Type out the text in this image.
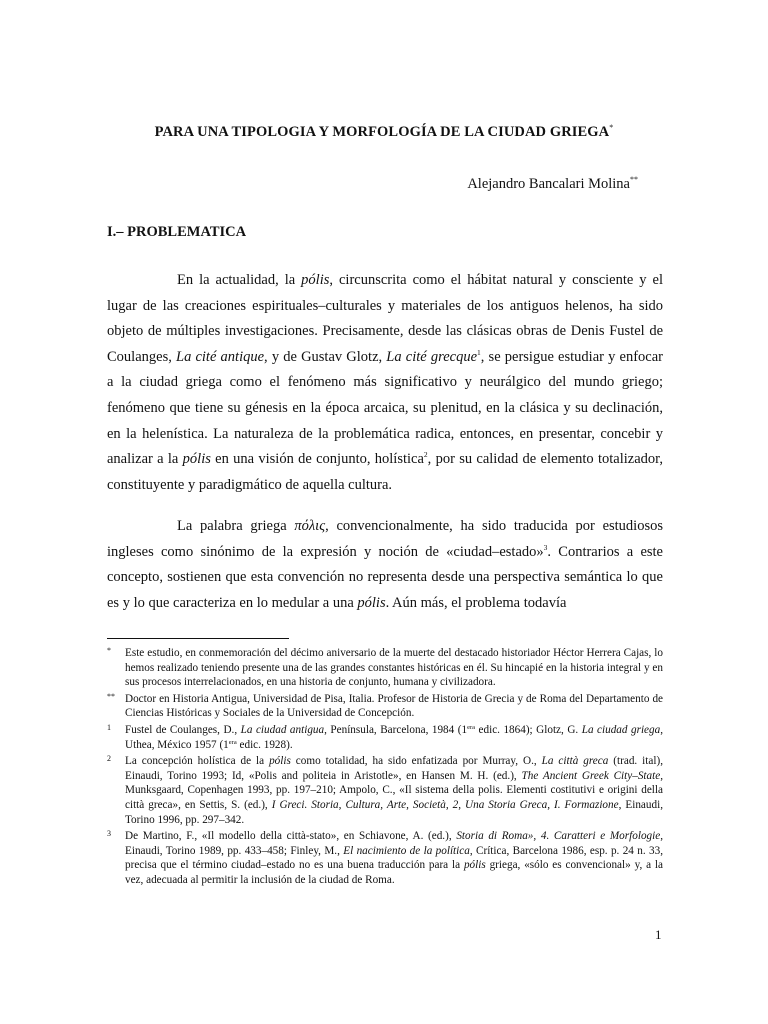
PARA UNA TIPOLOGIA Y MORFOLOGÍA DE LA CIUDAD GRIEGA*
Alejandro Bancalari Molina**
I.– PROBLEMATICA
En la actualidad, la pólis, circunscrita como el hábitat natural y consciente y el lugar de las creaciones espirituales–culturales y materiales de los antiguos helenos, ha sido objeto de múltiples investigaciones. Precisamente, desde las clásicas obras de Denis Fustel de Coulanges, La cité antique, y de Gustav Glotz, La cité grecque$^1$, se persigue estudiar y enfocar a la ciudad griega como el fenómeno más significativo y neurálgico del mundo griego; fenómeno que tiene su génesis en la época arcaica, su plenitud, en la clásica y su declinación, en la helenística. La naturaleza de la problemática radica, entonces, en presentar, concebir y analizar a la pólis en una visión de conjunto, holística$^2$, por su calidad de elemento totalizador, constituyente y paradigmático de aquella cultura.
La palabra griega πόλις, convencionalmente, ha sido traducida por estudiosos ingleses como sinónimo de la expresión y noción de «ciudad–estado»$^3$. Contrarios a este concepto, sostienen que esta convención no representa desde una perspectiva semántica lo que es y lo que caracteriza en lo medular a una pólis. Aún más, el problema todavía
*	Este estudio, en conmemoración del décimo aniversario de la muerte del destacado historiador Héctor Herrera Cajas, lo hemos realizado teniendo presente una de las grandes constantes históricas en él. Su hincapié en la historia integral y en sus procesos interrelacionados, en una historia de conjunto, humana y civilizadora.
** Doctor en Historia Antigua, Universidad de Pisa, Italia. Profesor de Historia de Grecia y de Roma del Departamento de Ciencias Históricas y Sociales de la Universidad de Concepción.
1	Fustel de Coulanges, D., La ciudad antigua, Península, Barcelona, 1984 ($1^{era}$ edic. 1864); Glotz, G. La ciudad griega, Uthea, México 1957 ($1^{era}$ edic. 1928).
2	La concepción holística de la pólis como totalidad, ha sido enfatizada por Murray, O., La città greca (trad. ital), Einaudi, Torino 1993; Id, «Polis and politeia in Aristotle», en Hansen M. H. (ed.), The Ancient Greek City–State, Munksgaard, Copenhagen 1993, pp. 197–210; Ampolo, C., «Il sistema della polis. Elementi costitutivi e origini della città greca», en Settis, S. (ed.), I Greci. Storia, Cultura, Arte, Società, 2, Una Storia Greca, I. Formazione, Einaudi, Torino 1996, pp. 297–342.
3	De Martino, F., «Il modello della città-stato», en Schiavone, A. (ed.), Storia di Roma», 4. Caratteri e Morfologie, Einaudi, Torino 1989, pp. 433–458; Finley, M., El nacimiento de la política, Crítica, Barcelona 1986, esp. p. 24 n. 33, precisa que el término ciudad–estado no es una buena traducción para la pólis griega, «sólo es convencional» y, a la vez, adecuada al permitir la inclusión de la ciudad de Roma.
1
